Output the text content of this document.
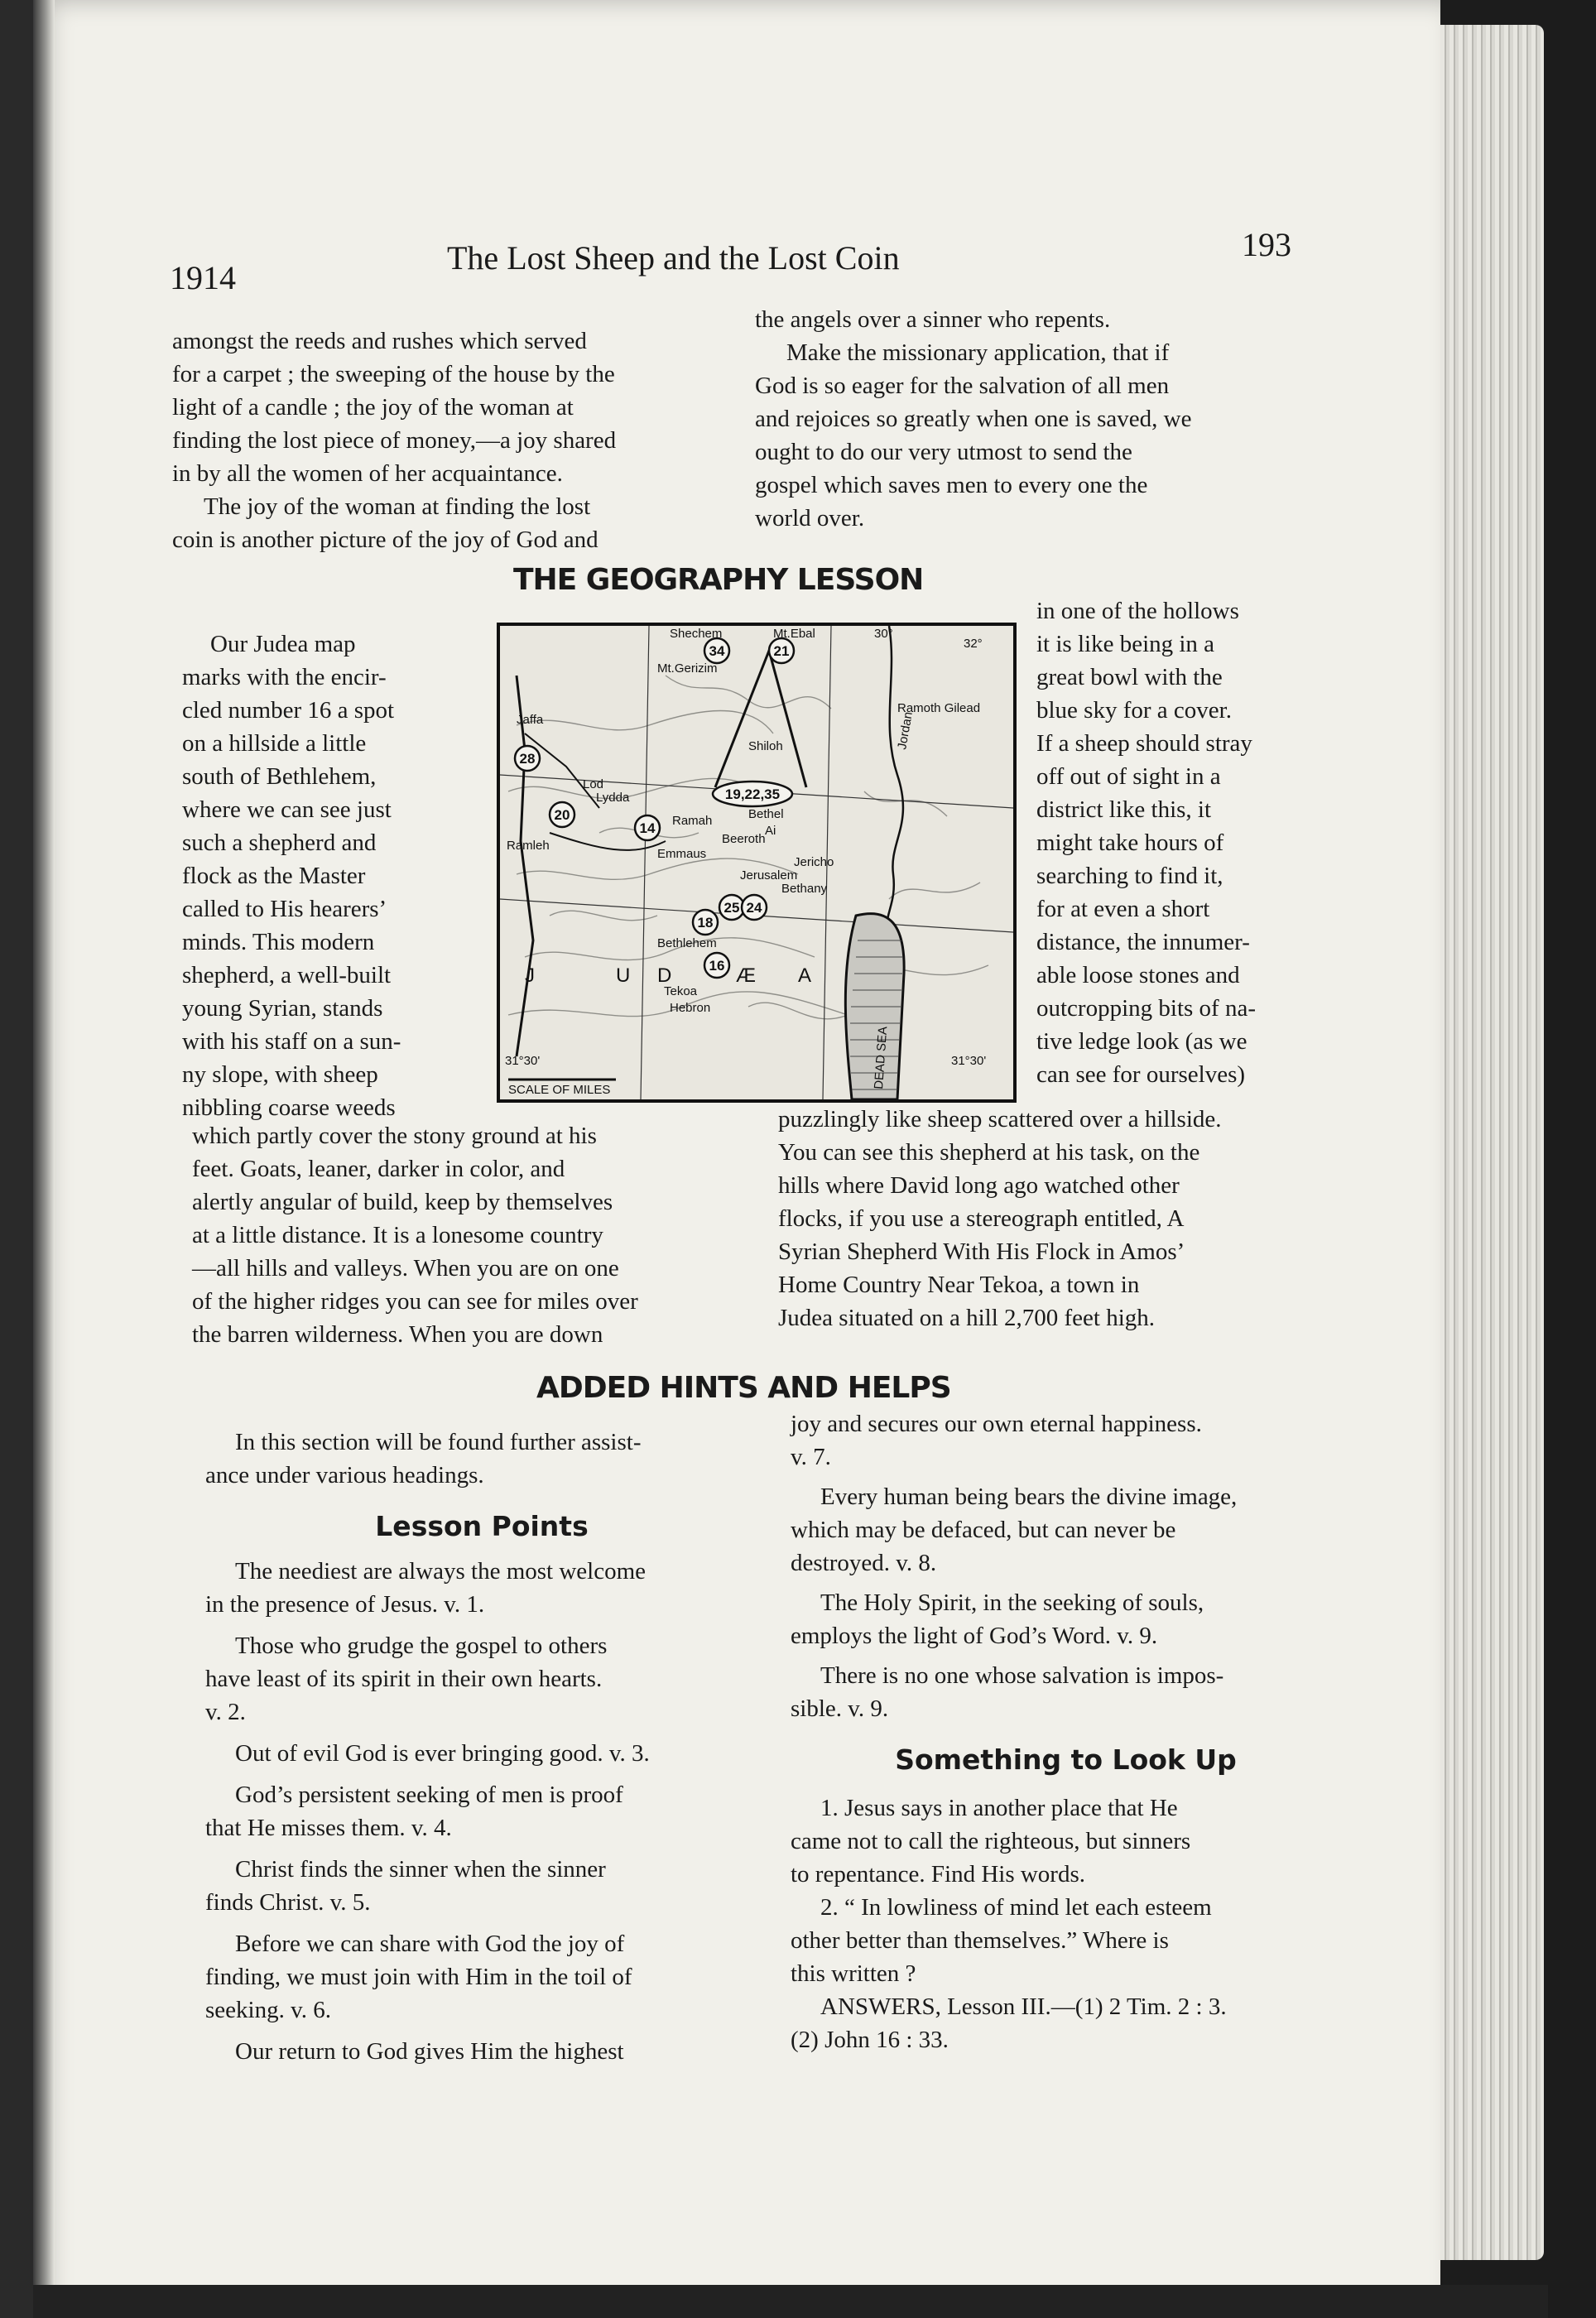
1914
The Lost Sheep and the Lost Coin	193
amongst the reeds and rushes which served
for a carpet ; the sweeping of the house by the
light of a candle ; the joy of the woman at
finding the lost piece of money,—a joy shared
in by all the women of her acquaintance.
The joy of the woman at finding the lost
coin is another picture of the joy of God and
the angels over a sinner who repents.
Make the missionary application, that if
God is so eager for the salvation of all men
and rejoices so greatly when one is saved, we
ought to do our very utmost to send the
gospel which saves men to every one the
world over.
THE GEOGRAPHY LESSON
Our Judea map
marks with the encir-
cled number 16 a spot
on a hillside a little
south of Bethlehem,
where we can see just
such a shepherd and
flock as the Master
called to His hearers’
minds. This modern
shepherd, a well-built
young Syrian, stands
with his staff on a sun-
ny slope, with sheep
nibbling coarse weeds
34	21
28
19,22,35
20
14
18
25 24
16
Shechem	Mt.Ebal
Mt.Gerizim
Shiloh
Jaffa
Lod
Lydda
Ramleh
Ramah	Bethel
Ai
Beeroth
Emmaus
Jericho
Jerusalem
Bethany
Bethlehem
Tekoa
Hebron
Jordan
Ramoth Gilead
30°
31°30'	31°30'
32°
J	U D	Æ A
DEAD SEA
SCALE OF MILES
in one of the hollows
it is like being in a
great bowl with the
blue sky for a cover.
If a sheep should stray
off out of sight in a
district like this, it
might take hours of
searching to find it,
for at even a short
distance, the innumer-
able loose stones and
outcropping bits of na-
tive ledge look (as we
can see for ourselves)
which partly cover the stony ground at his
feet. Goats, leaner, darker in color, and
alertly angular of build, keep by themselves
at a little distance. It is a lonesome country
—all hills and valleys. When you are on one
of the higher ridges you can see for miles over
the barren wilderness. When you are down
puzzlingly like sheep scattered over a hillside.
You can see this shepherd at his task, on the
hills where David long ago watched other
flocks, if you use a stereograph entitled, A
Syrian Shepherd With His Flock in Amos’
Home Country Near Tekoa, a town in
Judea situated on a hill 2,700 feet high.
ADDED HINTS AND HELPS
In this section will be found further assist-
ance under various headings.
Lesson Points
The neediest are always the most welcome
in the presence of Jesus. v. 1.
Those who grudge the gospel to others
have least of its spirit in their own hearts.
v. 2.
Out of evil God is ever bringing good. v. 3.
God’s persistent seeking of men is proof
that He misses them. v. 4.
Christ finds the sinner when the sinner
finds Christ. v. 5.
Before we can share with God the joy of
finding, we must join with Him in the toil of
seeking. v. 6.
Our return to God gives Him the highest
joy and secures our own eternal happiness.
v. 7.
Every human being bears the divine image,
which may be defaced, but can never be
destroyed. v. 8.
The Holy Spirit, in the seeking of souls,
employs the light of God’s Word. v. 9.
There is no one whose salvation is impos-
sible. v. 9.
Something to Look Up
1. Jesus says in another place that He
came not to call the righteous, but sinners
to repentance. Find His words.
2. “ In lowliness of mind let each esteem
other better than themselves.” Where is
this written ?
ANSWERS, Lesson III.—(1) 2 Tim. 2 : 3.
(2) John 16 : 33.
